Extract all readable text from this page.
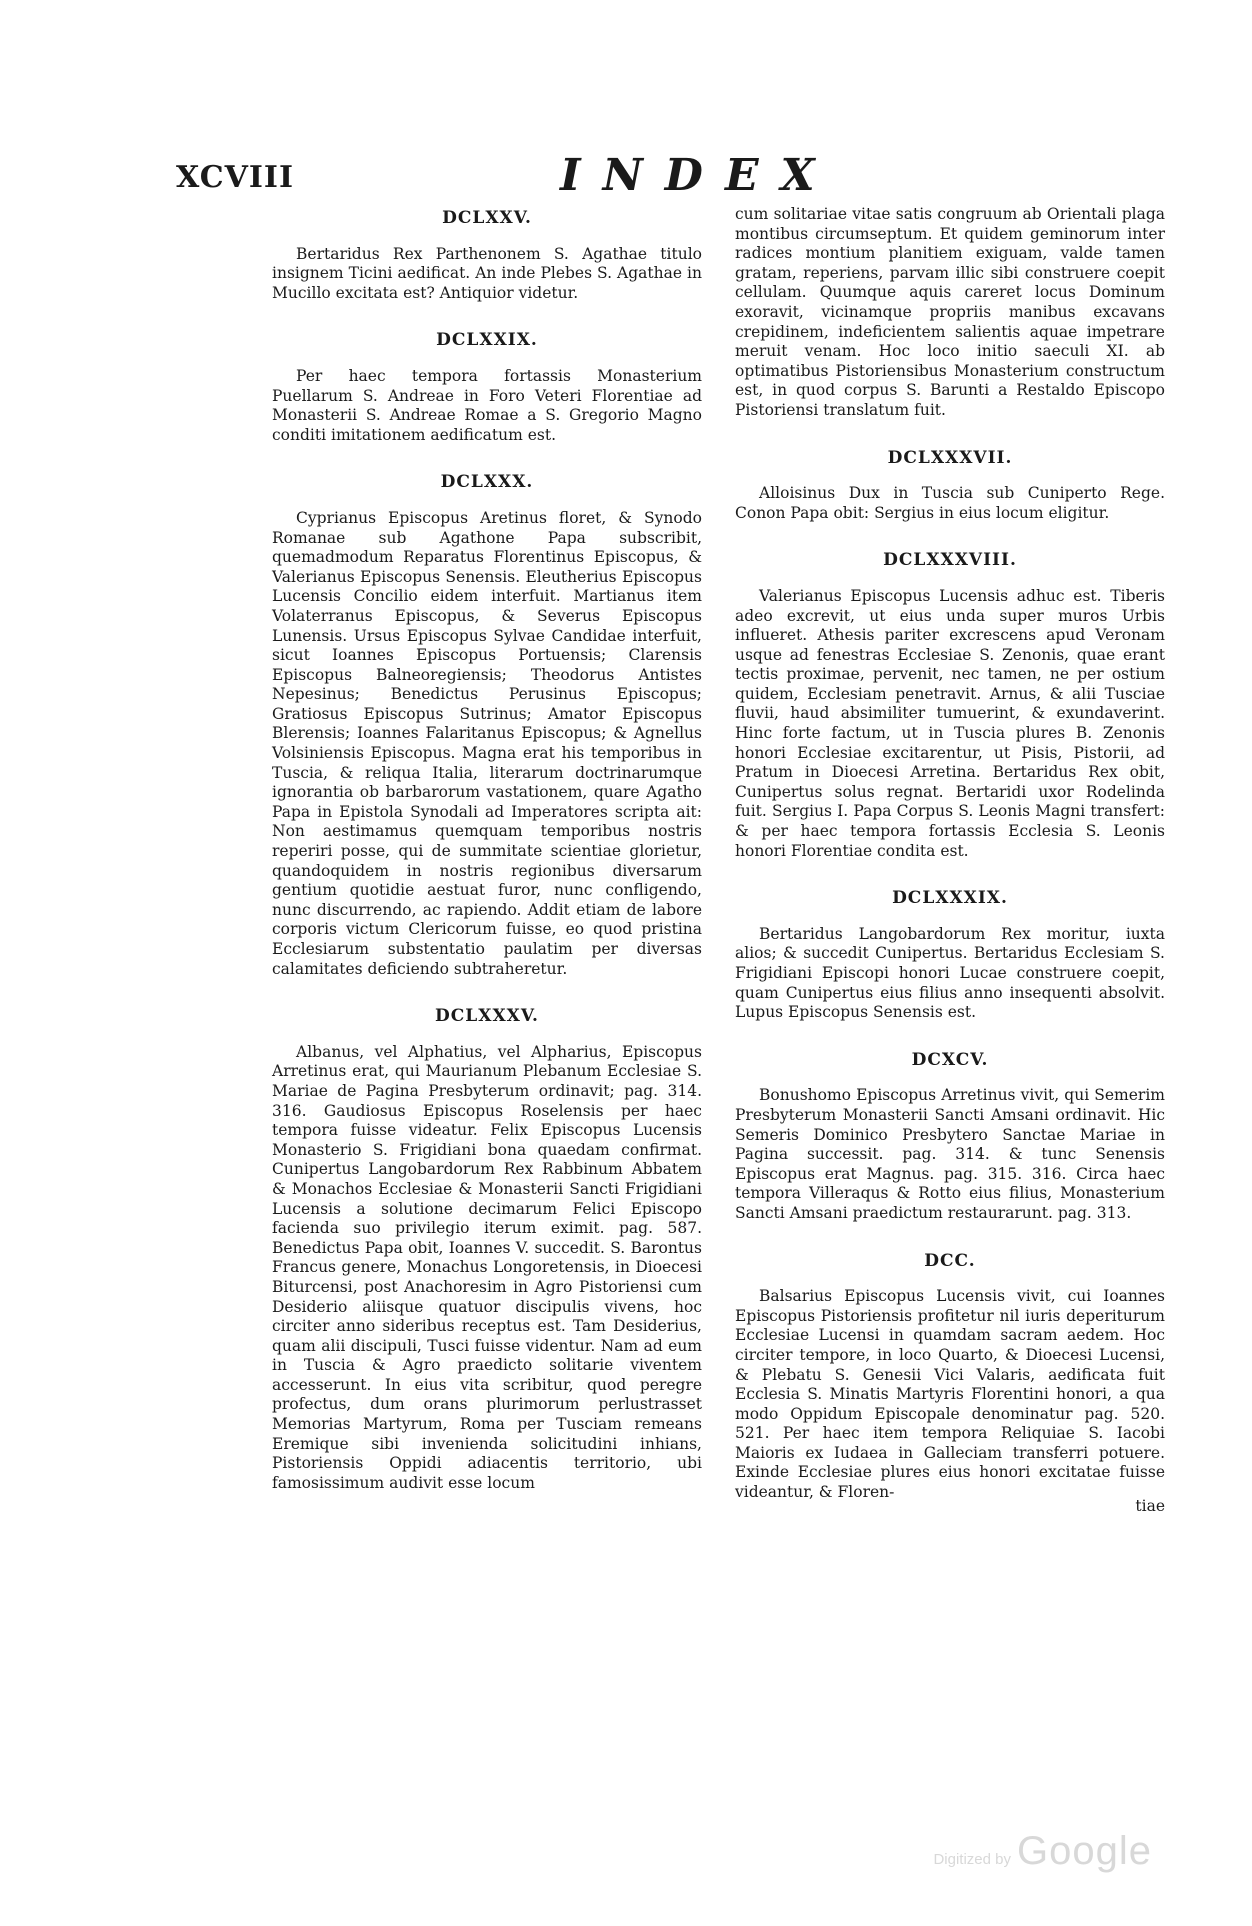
XCVIII	INDEX
DCLXXV.
Bertaridus Rex Parthenonem S. Agathae titulo insignem Ticini aedificat. An inde Plebes S. Agathae in Mucillo excitata est? Antiquior videtur.
DCLXXIX.
Per haec tempora fortassis Monasterium Puellarum S. Andreae in Foro Veteri Florentiae ad Monasterii S. Andreae Romae a S. Gregorio Magno conditi imitationem aedificatum est.
DCLXXX.
Cyprianus Episcopus Aretinus floret, & Synodo Romanae sub Agathone Papa subscribit, quemadmodum Reparatus Florentinus Episcopus, & Valerianus Episcopus Senensis. Eleutherius Episcopus Lucensis Concilio eidem interfuit. Martianus item Volaterranus Episcopus, & Severus Episcopus Lunensis. Ursus Episcopus Sylvae Candidae interfuit, sicut Ioannes Episcopus Portuensis; Clarensis Episcopus Balneoregiensis; Theodorus Antistes Nepesinus; Benedictus Perusinus Episcopus; Gratiosus Episcopus Sutrinus; Amator Episcopus Blerensis; Ioannes Falaritanus Episcopus; & Agnellus Volsiniensis Episcopus. Magna erat his temporibus in Tuscia, & reliqua Italia, literarum doctrinarumque ignorantia ob barbarorum vastationem, quare Agatho Papa in Epistola Synodali ad Imperatores scripta ait: Non aestimamus quemquam temporibus nostris reperiri posse, qui de summitate scientiae glorietur, quandoquidem in nostris regionibus diversarum gentium quotidie aestuat furor, nunc confligendo, nunc discurrendo, ac rapiendo. Addit etiam de labore corporis victum Clericorum fuisse, eo quod pristina Ecclesiarum substentatio paulatim per diversas calamitates deficiendo subtraheretur.
DCLXXXV.
Albanus, vel Alphatius, vel Alpharius, Episcopus Arretinus erat, qui Maurianum Plebanum Ecclesiae S. Mariae de Pagina Presbyterum ordinavit; pag. 314. 316. Gaudiosus Episcopus Roselensis per haec tempora fuisse videatur. Felix Episcopus Lucensis Monasterio S. Frigidiani bona quaedam confirmat. Cunipertus Langobardorum Rex Rabbinum Abbatem & Monachos Ecclesiae & Monasterii Sancti Frigidiani Lucensis a solutione decimarum Felici Episcopo facienda suo privilegio iterum eximit. pag. 587. Benedictus Papa obit, Ioannes V. succedit. S. Barontus Francus genere, Monachus Longoretensis, in Dioecesi Biturcensi, post Anachoresim in Agro Pistoriensi cum Desiderio aliisque quatuor discipulis vivens, hoc circiter anno sideribus receptus est. Tam Desiderius, quam alii discipuli, Tusci fuisse videntur. Nam ad eum in Tuscia & Agro praedicto solitarie viventem accesserunt. In eius vita scribitur, quod peregre profectus, dum orans plurimorum perlustrasset Memorias Martyrum, Roma per Tusciam remeans Eremique sibi invenienda solicitudini inhians, Pistoriensis Oppidi adiacentis territorio, ubi famosissimum audivit esse locum
cum solitariae vitae satis congruum ab Orientali plaga montibus circumseptum. Et quidem geminorum inter radices montium planitiem exiguam, valde tamen gratam, reperiens, parvam illic sibi construere coepit cellulam. Quumque aquis careret locus Dominum exoravit, vicinamque propriis manibus excavans crepidinem, indeficientem salientis aquae impetrare meruit venam. Hoc loco initio saeculi XI. ab optimatibus Pistoriensibus Monasterium constructum est, in quod corpus S. Barunti a Restaldo Episcopo Pistoriensi translatum fuit.
DCLXXXVII.
Alloisinus Dux in Tuscia sub Cuniperto Rege. Conon Papa obit: Sergius in eius locum eligitur.
DCLXXXVIII.
Valerianus Episcopus Lucensis adhuc est. Tiberis adeo excrevit, ut eius unda super muros Urbis influeret. Athesis pariter excrescens apud Veronam usque ad fenestras Ecclesiae S. Zenonis, quae erant tectis proximae, pervenit, nec tamen, ne per ostium quidem, Ecclesiam penetravit. Arnus, & alii Tusciae fluvii, haud absimiliter tumuerint, & exundaverint. Hinc forte factum, ut in Tuscia plures B. Zenonis honori Ecclesiae excitarentur, ut Pisis, Pistorii, ad Pratum in Dioecesi Arretina. Bertaridus Rex obit, Cunipertus solus regnat. Bertaridi uxor Rodelinda fuit. Sergius I. Papa Corpus S. Leonis Magni transfert: & per haec tempora fortassis Ecclesia S. Leonis honori Florentiae condita est.
DCLXXXIX.
Bertaridus Langobardorum Rex moritur, iuxta alios; & succedit Cunipertus. Bertaridus Ecclesiam S. Frigidiani Episcopi honori Lucae construere coepit, quam Cunipertus eius filius anno insequenti absolvit. Lupus Episcopus Senensis est.
DCXCV.
Bonushomo Episcopus Arretinus vivit, qui Semerim Presbyterum Monasterii Sancti Amsani ordinavit. Hic Semeris Dominico Presbytero Sanctae Mariae in Pagina successit. pag. 314. & tunc Senensis Episcopus erat Magnus. pag. 315. 316. Circa haec tempora Villeraqus & Rotto eius filius, Monasterium Sancti Amsani praedictum restaurarunt. pag. 313.
DCC.
Balsarius Episcopus Lucensis vivit, cui Ioannes Episcopus Pistoriensis profitetur nil iuris deperiturum Ecclesiae Lucensi in quamdam sacram aedem. Hoc circiter tempore, in loco Quarto, & Dioecesi Lucensi, & Plebatu S. Genesii Vici Valaris, aedificata fuit Ecclesia S. Minatis Martyris Florentini honori, a qua modo Oppidum Episcopale denominatur pag. 520. 521. Per haec item tempora Reliquiae S. Iacobi Maioris ex Iudaea in Galleciam transferri potuere. Exinde Ecclesiae plures eius honori excitatae fuisse videantur, & Floren-
tiae
Digitized by Google
